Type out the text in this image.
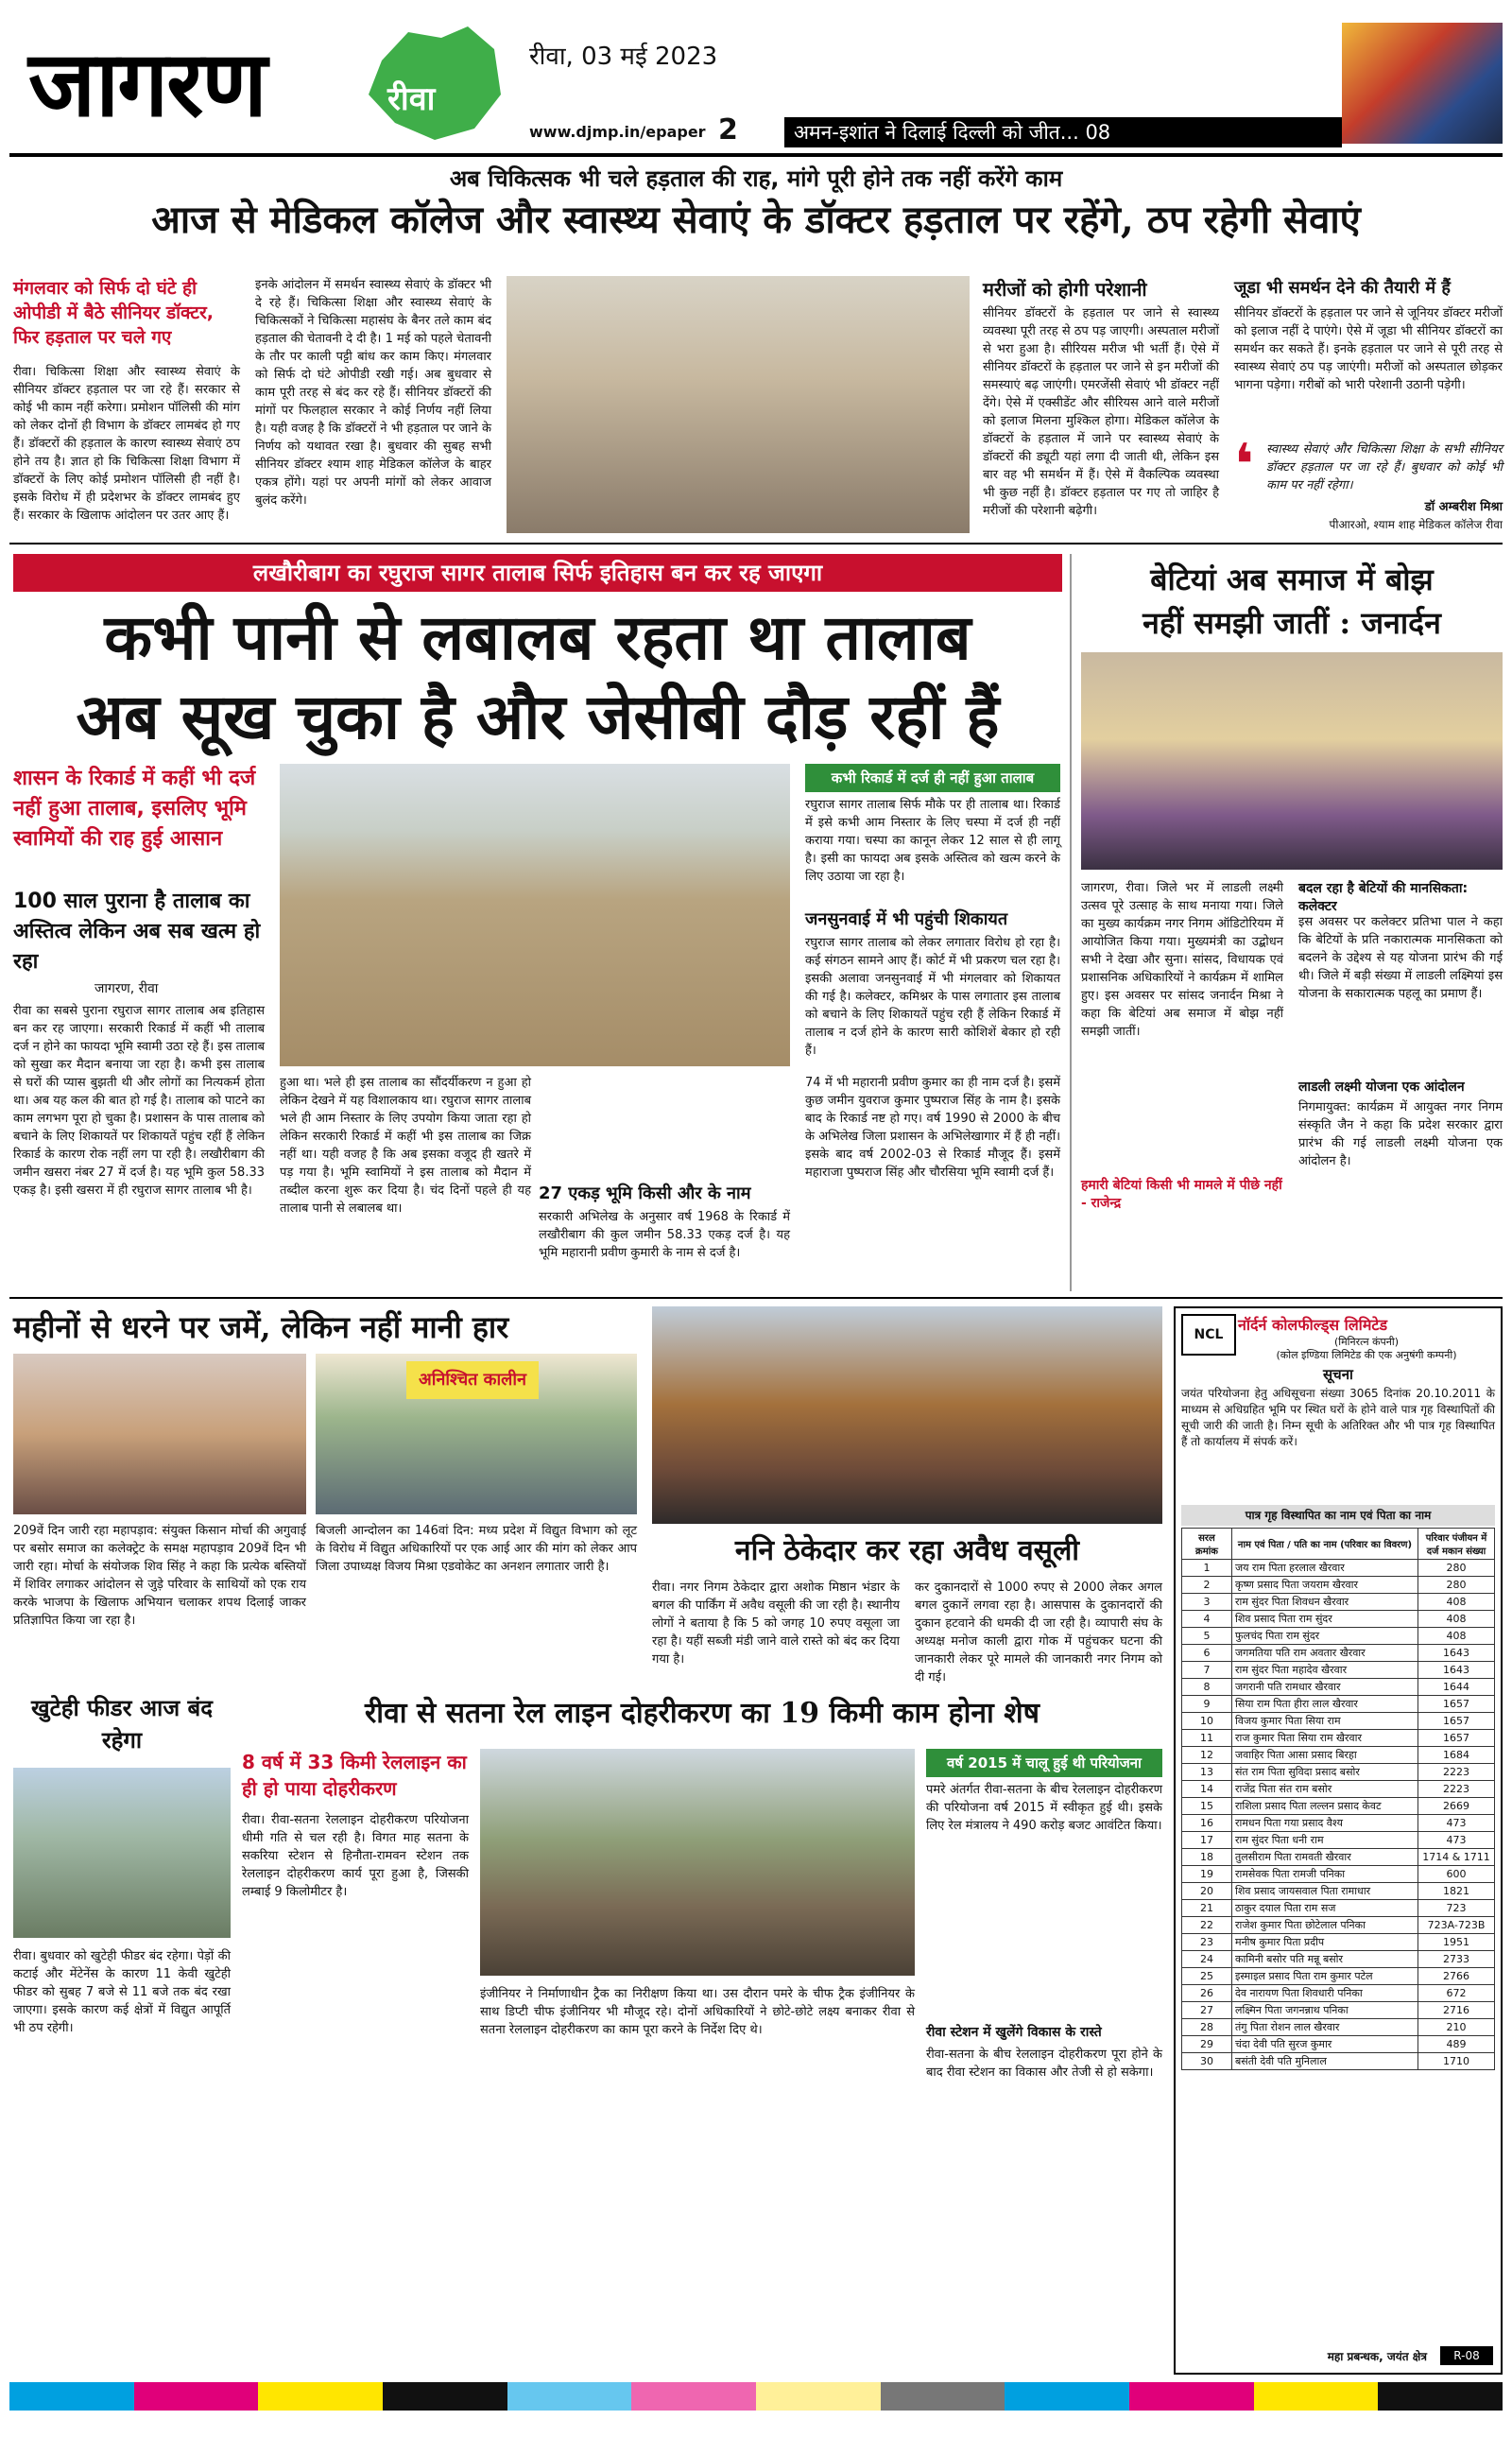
जागरण	रीवा
रीवा, 03 मई 2023
www.djmp.in/epaper 2	अमन-इशांत ने दिलाई दिल्ली को जीत... 08
अब चिकित्सक भी चले हड़ताल की राह, मांगे पूरी होने तक नहीं करेंगे काम
आज से मेडिकल कॉलेज और स्वास्थ्य सेवाएं के डॉक्टर हड़ताल पर रहेंगे, ठप रहेगी सेवाएं
मंगलवार को सिर्फ दो घंटे ही ओपीडी में बैठे सीनियर डॉक्टर, फिर हड़ताल पर चले गए
रीवा। चिकित्सा शिक्षा और स्वास्थ्य सेवाएं के सीनियर डॉक्टर हड़ताल पर जा रहे हैं। सरकार से कोई भी काम नहीं करेगा। प्रमोशन पॉलिसी की मांग को लेकर दोनों ही विभाग के डॉक्टर लामबंद हो गए हैं। डॉक्टरों की हड़ताल के कारण स्वास्थ्य सेवाएं ठप होने तय है। ज्ञात हो कि चिकित्सा शिक्षा विभाग में डॉक्टरों के लिए कोई प्रमोशन पॉलिसी ही नहीं है। इसके विरोध में ही प्रदेशभर के डॉक्टर लामबंद हुए हैं। सरकार के खिलाफ आंदोलन पर उतर आए हैं।
इनके आंदोलन में समर्थन स्वास्थ्य सेवाएं के डॉक्टर भी दे रहे हैं। चिकित्सा शिक्षा और स्वास्थ्य सेवाएं के चिकित्सकों ने चिकित्सा महासंघ के बैनर तले काम बंद हड़ताल की चेतावनी दे दी है। 1 मई को पहले चेतावनी के तौर पर काली पट्टी बांध कर काम किए। मंगलवार को सिर्फ दो घंटे ओपीडी रखी गई। अब बुधवार से काम पूरी तरह से बंद कर रहे हैं। सीनियर डॉक्टरों की मांगों पर फिलहाल सरकार ने कोई निर्णय नहीं लिया है। यही वजह है कि डॉक्टरों ने भी हड़ताल पर जाने के निर्णय को यथावत रखा है। बुधवार की सुबह सभी सीनियर डॉक्टर श्याम शाह मेडिकल कॉलेज के बाहर एकत्र होंगे। यहां पर अपनी मांगों को लेकर आवाज बुलंद करेंगे।
मरीजों को होगी परेशानी
सीनियर डॉक्टरों के हड़ताल पर जाने से स्वास्थ्य व्यवस्था पूरी तरह से ठप पड़ जाएगी। अस्पताल मरीजों से भरा हुआ है। सीरियस मरीज भी भर्ती हैं। ऐसे में सीनियर डॉक्टरों के हड़ताल पर जाने से इन मरीजों की समस्याएं बढ़ जाएंगी। एमरजेंसी सेवाएं भी डॉक्टर नहीं देंगे। ऐसे में एक्सीडेंट और सीरियस आने वाले मरीजों को इलाज मिलना मुश्किल होगा। मेडिकल कॉलेज के डॉक्टरों के हड़ताल में जाने पर स्वास्थ्य सेवाएं के डॉक्टरों की ड्यूटी यहां लगा दी जाती थी, लेकिन इस बार वह भी समर्थन में हैं। ऐसे में वैकल्पिक व्यवस्था भी कुछ नहीं है। डॉक्टर हड़ताल पर गए तो जाहिर है मरीजों की परेशानी बढ़ेगी।
जूडा भी समर्थन देने की तैयारी में हैं
सीनियर डॉक्टरों के हड़ताल पर जाने से जूनियर डॉक्टर मरीजों को इलाज नहीं दे पाएंगे। ऐसे में जूडा भी सीनियर डॉक्टरों का समर्थन कर सकते हैं। इनके हड़ताल पर जाने से पूरी तरह से स्वास्थ्य सेवाएं ठप पड़ जाएंगी। मरीजों को अस्पताल छोड़कर भागना पड़ेगा। गरीबों को भारी परेशानी उठानी पड़ेगी।
❛	स्वास्थ्य सेवाएं और चिकित्सा शिक्षा के सभी सीनियर डॉक्टर हड़ताल पर जा रहे हैं। बुधवार को कोई भी काम पर नहीं रहेगा।
डॉ अम्बरीश मिश्रा
पीआरओ, श्याम शाह मेडिकल कॉलेज रीवा
लखौरीबाग का रघुराज सागर तालाब सिर्फ इतिहास बन कर रह जाएगा
कभी पानी से लबालब रहता था तालाब
अब सूख चुका है और जेसीबी दौड़ रहीं हैं
शासन के रिकार्ड में कहीं भी दर्ज नहीं हुआ तालाब, इसलिए भूमि स्वामियों की राह हुई आसान
100 साल पुराना है तालाब का अस्तित्व लेकिन अब सब खत्म हो रहा
जागरण, रीवा
रीवा का सबसे पुराना रघुराज सागर तालाब अब इतिहास बन कर रह जाएगा। सरकारी रिकार्ड में कहीं भी तालाब दर्ज न होने का फायदा भूमि स्वामी उठा रहे हैं। इस तालाब को सुखा कर मैदान बनाया जा रहा है। कभी इस तालाब से घरों की प्यास बुझती थी और लोगों का नित्यकर्म होता था। अब यह कल की बात हो गई है। तालाब को पाटने का काम लगभग पूरा हो चुका है। प्रशासन के पास तालाब को बचाने के लिए शिकायतें पर शिकायतें पहुंच रहीं हैं लेकिन रिकार्ड के कारण रोक नहीं लग पा रही है। लखौरीबाग की जमीन खसरा नंबर 27 में दर्ज है। यह भूमि कुल 58.33 एकड़ है। इसी खसरा में ही रघुराज सागर तालाब भी है।
हुआ था। भले ही इस तालाब का सौंदर्यीकरण न हुआ हो लेकिन देखने में यह विशालकाय था। रघुराज सागर तालाब भले ही आम निस्तार के लिए उपयोग किया जाता रहा हो लेकिन सरकारी रिकार्ड में कहीं भी इस तालाब का जिक्र नहीं था। यही वजह है कि अब इसका वजूद ही खतरे में पड़ गया है। भूमि स्वामियों ने इस तालाब को मैदान में तब्दील करना शुरू कर दिया है। चंद दिनों पहले ही यह तालाब पानी से लबालब था।
कभी रिकार्ड में दर्ज ही नहीं हुआ तालाब
रघुराज सागर तालाब सिर्फ मौके पर ही तालाब था। रिकार्ड में इसे कभी आम निस्तार के लिए चस्पा में दर्ज ही नहीं कराया गया। चस्पा का कानून लेकर 12 साल से ही लागू है। इसी का फायदा अब इसके अस्तित्व को खत्म करने के लिए उठाया जा रहा है।
जनसुनवाई में भी पहुंची शिकायत
रघुराज सागर तालाब को लेकर लगातार विरोध हो रहा है। कई संगठन सामने आए हैं। कोर्ट में भी प्रकरण चल रहा है। इसकी अलावा जनसुनवाई में भी मंगलवार को शिकायत की गई है। कलेक्टर, कमिश्नर के पास लगातार इस तालाब को बचाने के लिए शिकायतें पहुंच रही हैं लेकिन रिकार्ड में तालाब न दर्ज होने के कारण सारी कोशिशें बेकार हो रही हैं।
27 एकड़ भूमि किसी और के नाम
सरकारी अभिलेख के अनुसार वर्ष 1968 के रिकार्ड में लखौरीबाग की कुल जमीन 58.33 एकड़ दर्ज है। यह भूमि महारानी प्रवीण कुमारी के नाम से दर्ज है।
74 में भी महारानी प्रवीण कुमार का ही नाम दर्ज है। इसमें कुछ जमीन युवराज कुमार पुष्पराज सिंह के नाम है। इसके बाद के रिकार्ड नष्ट हो गए। वर्ष 1990 से 2000 के बीच के अभिलेख जिला प्रशासन के अभिलेखागार में हैं ही नहीं। इसके बाद वर्ष 2002-03 से रिकार्ड मौजूद हैं। इसमें महाराजा पुष्पराज सिंह और चौरसिया भूमि स्वामी दर्ज हैं।
बेटियां अब समाज में बोझ
नहीं समझी जातीं : जनार्दन
जागरण, रीवा। जिले भर में लाडली लक्ष्मी उत्सव पूरे उत्साह के साथ मनाया गया। जिले का मुख्य कार्यक्रम नगर निगम ऑडिटोरियम में आयोजित किया गया। मुख्यमंत्री का उद्बोधन सभी ने देखा और सुना। सांसद, विधायक एवं प्रशासनिक अधिकारियों ने कार्यक्रम में शामिल हुए। इस अवसर पर सांसद जनार्दन मिश्रा ने कहा कि बेटियां अब समाज में बोझ नहीं समझी जातीं।
हमारी बेटियां किसी भी मामले में पीछे नहीं - राजेन्द्र
बदल रहा है बेटियों की मानसिकता: कलेक्टर
इस अवसर पर कलेक्टर प्रतिभा पाल ने कहा कि बेटियों के प्रति नकारात्मक मानसिकता को बदलने के उद्देश्य से यह योजना प्रारंभ की गई थी। जिले में बड़ी संख्या में लाडली लक्ष्मियां इस योजना के सकारात्मक पहलू का प्रमाण हैं।
लाडली लक्ष्मी योजना एक आंदोलन
निगमायुक्त: कार्यक्रम में आयुक्त नगर निगम संस्कृति जैन ने कहा कि प्रदेश सरकार द्वारा प्रारंभ की गई लाडली लक्ष्मी योजना एक आंदोलन है।
महीनों से धरने पर जमें, लेकिन नहीं मानी हार
अनिश्चित कालीन
209वें दिन जारी रहा महापड़ाव: संयुक्त किसान मोर्चा की अगुवाई पर बसोर समाज का कलेक्ट्रेट के समक्ष महापड़ाव 209वें दिन भी जारी रहा। मोर्चा के संयोजक शिव सिंह ने कहा कि प्रत्येक बस्तियों में शिविर लगाकर आंदोलन से जुड़े परिवार के साथियों को एक राय करके भाजपा के खिलाफ अभियान चलाकर शपथ दिलाई जाकर प्रतिज्ञापित किया जा रहा है।
बिजली आन्दोलन का 146वां दिन: मध्य प्रदेश में विद्युत विभाग को लूट के विरोध में विद्युत अधिकारियों पर एक आई आर की मांग को लेकर आप जिला उपाध्यक्ष विजय मिश्रा एडवोकेट का अनशन लगातार जारी है।	ननि ठेकेदार कर रहा अवैध वसूली
रीवा। नगर निगम ठेकेदार द्वारा अशोक मिष्ठान भंडार के बगल की पार्किंग में अवैध वसूली की जा रही है। स्थानीय लोगों ने बताया है कि 5 को जगह 10 रुपए वसूला जा रहा है। यहीं सब्जी मंडी जाने वाले रास्ते को बंद कर दिया गया है।
कर दुकानदारों से 1000 रुपए से 2000 लेकर अगल बगल दुकानें लगवा रहा है। आसपास के दुकानदारों की दुकान हटवाने की धमकी दी जा रही है। व्यापारी संघ के अध्यक्ष मनोज काली द्वारा गोक में पहुंचकर घटना की जानकारी लेकर पूरे मामले की जानकारी नगर निगम को दी गई।
खुटेही फीडर आज बंद रहेगा
रीवा। बुधवार को खुटेही फीडर बंद रहेगा। पेड़ों की कटाई और मेंटेनेंस के कारण 11 केवी खुटेही फीडर को सुबह 7 बजे से 11 बजे तक बंद रखा जाएगा। इसके कारण कई क्षेत्रों में विद्युत आपूर्ति भी ठप रहेगी।
रीवा से सतना रेल लाइन दोहरीकरण का 19 किमी काम होना शेष
8 वर्ष में 33 किमी रेललाइन का ही हो पाया दोहरीकरण
रीवा। रीवा-सतना रेललाइन दोहरीकरण परियोजना धीमी गति से चल रही है। विगत माह सतना के सकरिया स्टेशन से हिनौता-रामवन स्टेशन तक रेललाइन दोहरीकरण कार्य पूरा हुआ है, जिसकी लम्बाई 9 किलोमीटर है।
इंजीनियर ने निर्माणाधीन ट्रैक का निरीक्षण किया था। उस दौरान पमरे के चीफ ट्रैक इंजीनियर के साथ डिप्टी चीफ इंजीनियर भी मौजूद रहे। दोनों अधिकारियों ने छोटे-छोटे लक्ष्य बनाकर रीवा से सतना रेललाइन दोहरीकरण का काम पूरा करने के निर्देश दिए थे।
वर्ष 2015 में चालू हुई थी परियोजना
पमरे अंतर्गत रीवा-सतना के बीच रेललाइन दोहरीकरण की परियोजना वर्ष 2015 में स्वीकृत हुई थी। इसके लिए रेल मंत्रालय ने 490 करोड़ बजट आवंटित किया।
रीवा स्टेशन में खुलेंगे विकास के रास्ते
रीवा-सतना के बीच रेललाइन दोहरीकरण पूरा होने के बाद रीवा स्टेशन का विकास और तेजी से हो सकेगा।
NCL
नॉर्दर्न कोलफील्ड्स लिमिटेड
(मिनिरत्न कंपनी)
(कोल इण्डिया लिमिटेड की एक अनुषंगी कम्पनी)
सूचना
जयंत परियोजना हेतु अधिसूचना संख्या 3065 दिनांक 20.10.2011 के माध्यम से अधिग्रहित भूमि पर स्थित घरों के होने वाले पात्र गृह विस्थापितों की सूची जारी की जाती है। निम्न सूची के अतिरिक्त और भी पात्र गृह विस्थापित हैं तो कार्यालय में संपर्क करें।
पात्र गृह विस्थापित का नाम एवं पिता का नाम
सरल क्रमांक	नाम एवं पिता / पति का नाम (परिवार का विवरण)	परिवार पंजीयन में दर्ज मकान संख्या
1	जय राम पिता हरलाल खैरवार	280
2	कृष्ण प्रसाद पिता जयराम खैरवार	280
3	राम सुंदर पिता शिवधन खैरवार	408
4	शिव प्रसाद पिता राम सुंदर	408
5	फुलचंद पिता राम सुंदर	408
6	जगमतिया पति राम अवतार खैरवार	1643
7	राम सुंदर पिता महादेव खैरवार	1643
8	जगरानी पति रामधार खैरवार	1644
9	सिया राम पिता हीरा लाल खैरवार	1657
10	विजय कुमार पिता सिया राम	1657
11	राज कुमार पिता सिया राम खैरवार	1657
12	जवाहिर पिता आसा प्रसाद बिरहा	1684
13	संत राम पिता सुविदा प्रसाद बसोर	2223
14	राजेंद्र पिता संत राम बसोर	2223
15	राशिला प्रसाद पिता लल्लन प्रसाद केवट	2669
16	रामधन पिता गया प्रसाद वैश्य	473
17	राम सुंदर पिता धनी राम	473
18	तुलसीराम पिता रामवती खैरवार	1714 & 1711
19	रामसेवक पिता रामजी पनिका	600
20	शिव प्रसाद जायसवाल पिता रामाधार	1821
21	ठाकुर दयाल पिता राम सज	723
22	राजेश कुमार पिता छोटेलाल पनिका	723A-723B
23	मनीष कुमार पिता प्रदीप	1951
24	कामिनी बसोर पति मन्नू बसोर	2733
25	इस्माइल प्रसाद पिता राम कुमार पटेल	2766
26	देव नारायण पिता शिवधारी पनिका	672
27	लक्ष्मिन पिता जगनन्नाथ पनिका	2716
28	तंगु पिता रोशन लाल खैरवार	210
29	चंदा देवी पति सुरज कुमार	489
30	बसंती देवी पति मुनिलाल	1710
महा प्रबन्धक, जयंत क्षेत्र	R-08
